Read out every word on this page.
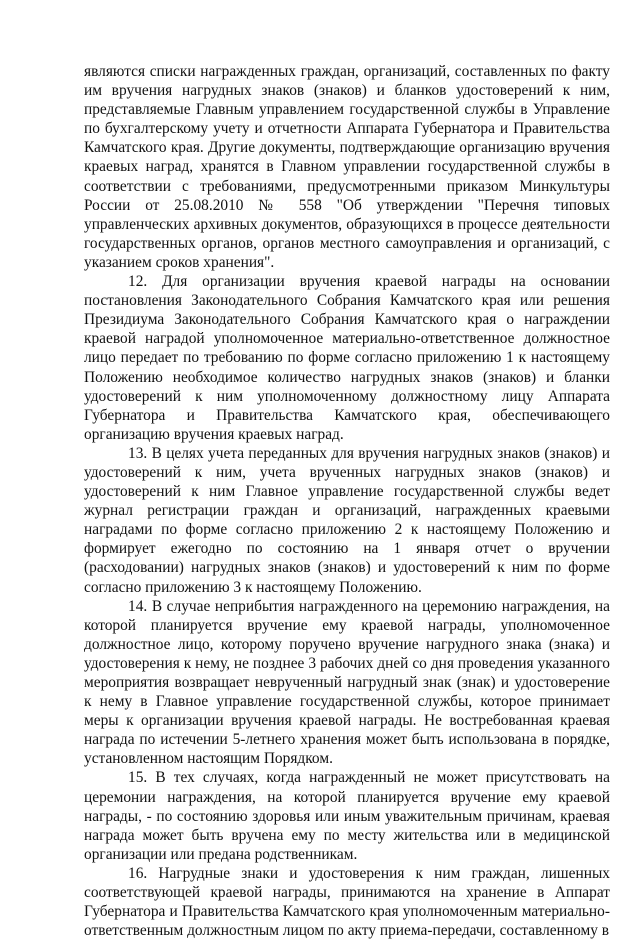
являются списки награжденных граждан, организаций, составленных по факту им вручения нагрудных знаков (знаков) и бланков удостоверений к ним, представляемые Главным управлением государственной службы в Управление по бухгалтерскому учету и отчетности Аппарата Губернатора и Правительства Камчатского края. Другие документы, подтверждающие организацию вручения краевых наград, хранятся в Главном управлении государственной службы в соответствии с требованиями, предусмотренными приказом Минкультуры России от 25.08.2010 № 558 "Об утверждении "Перечня типовых управленческих архивных документов, образующихся в процессе деятельности государственных органов, органов местного самоуправления и организаций, с указанием сроков хранения".

12. Для организации вручения краевой награды на основании постановления Законодательного Собрания Камчатского края или решения Президиума Законодательного Собрания Камчатского края о награждении краевой наградой уполномоченное материально-ответственное должностное лицо передает по требованию по форме согласно приложению 1 к настоящему Положению необходимое количество нагрудных знаков (знаков) и бланки удостоверений к ним уполномоченному должностному лицу Аппарата Губернатора и Правительства Камчатского края, обеспечивающего организацию вручения краевых наград.

13. В целях учета переданных для вручения нагрудных знаков (знаков) и удостоверений к ним, учета врученных нагрудных знаков (знаков) и удостоверений к ним Главное управление государственной службы ведет журнал регистрации граждан и организаций, награжденных краевыми наградами по форме согласно приложению 2 к настоящему Положению и формирует ежегодно по состоянию на 1 января отчет о вручении (расходовании) нагрудных знаков (знаков) и удостоверений к ним по форме согласно приложению 3 к настоящему Положению.

14. В случае неприбытия награжденного на церемонию награждения, на которой планируется вручение ему краевой награды, уполномоченное должностное лицо, которому поручено вручение нагрудного знака (знака) и удостоверения к нему, не позднее 3 рабочих дней со дня проведения указанного мероприятия возвращает неврученный нагрудный знак (знак) и удостоверение к нему в Главное управление государственной службы, которое принимает меры к организации вручения краевой награды. Не востребованная краевая награда по истечении 5-летнего хранения может быть использована в порядке, установленном настоящим Порядком.

15. В тех случаях, когда награжденный не может присутствовать на церемонии награждения, на которой планируется вручение ему краевой награды, - по состоянию здоровья или иным уважительным причинам, краевая награда может быть вручена ему по месту жительства или в медицинской организации или предана родственникам.

16. Нагрудные знаки и удостоверения к ним граждан, лишенных соответствующей краевой награды, принимаются на хранение в Аппарат Губернатора и Правительства Камчатского края уполномоченным материально-ответственным должностным лицом по акту приема-передачи, составленному в
